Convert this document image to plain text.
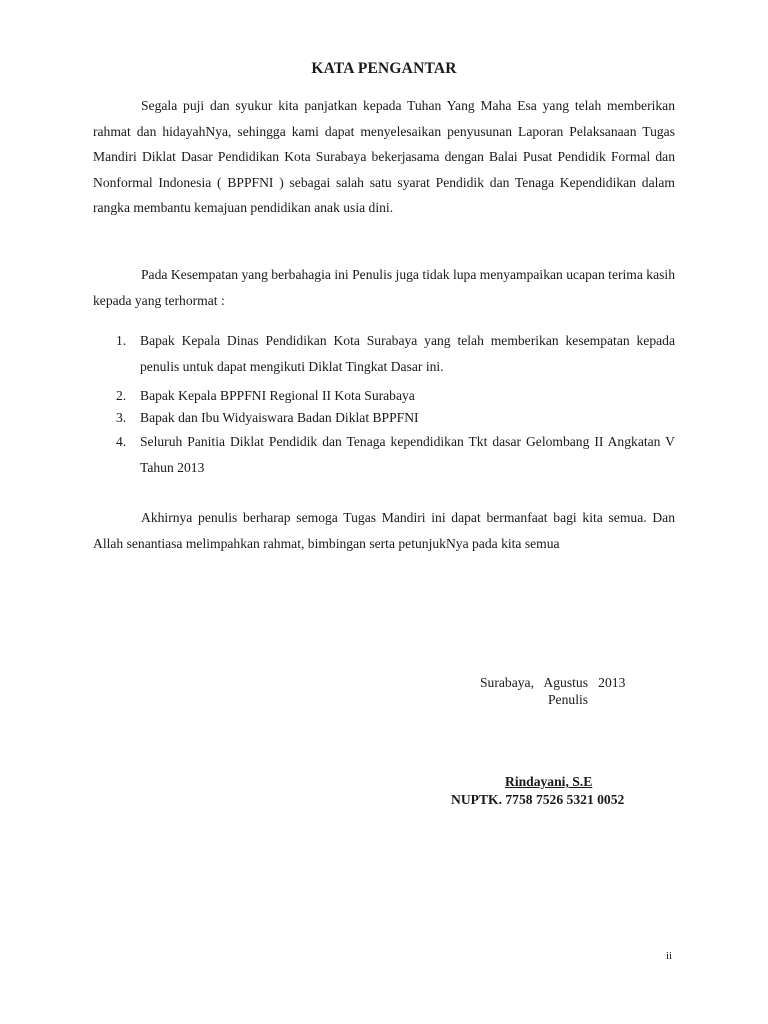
KATA PENGANTAR

Segala puji dan syukur kita panjatkan kepada Tuhan Yang Maha Esa yang telah memberikan rahmat dan hidayahNya, sehingga kami dapat menyelesaikan penyusunan Laporan Pelaksanaan Tugas Mandiri Diklat Dasar Pendidikan Kota Surabaya bekerjasama dengan Balai Pusat Pendidik Formal dan Nonformal Indonesia ( BPPFNI ) sebagai salah satu syarat Pendidik dan Tenaga Kependidikan dalam rangka membantu kemajuan pendidikan anak usia dini.

Pada Kesempatan yang berbahagia ini Penulis juga tidak lupa menyampaikan ucapan terima kasih kepada yang terhormat :

1. Bapak Kepala Dinas Pendidikan Kota Surabaya yang telah memberikan kesempatan kepada penulis untuk dapat mengikuti Diklat Tingkat Dasar ini.
2. Bapak Kepala BPPFNI Regional II Kota Surabaya
3. Bapak dan Ibu Widyaiswara Badan Diklat BPPFNI
4. Seluruh Panitia Diklat Pendidik dan Tenaga kependidikan Tkt dasar Gelombang II Angkatan V Tahun 2013

Akhirnya penulis berharap semoga Tugas Mandiri ini dapat bermanfaat bagi kita semua. Dan Allah senantiasa melimpahkan rahmat, bimbingan serta petunjukNya pada kita semua

Surabaya,   Agustus   2013
Penulis
Rindayani, S.E
NUPTK. 7758 7526 5321 0052
ii
